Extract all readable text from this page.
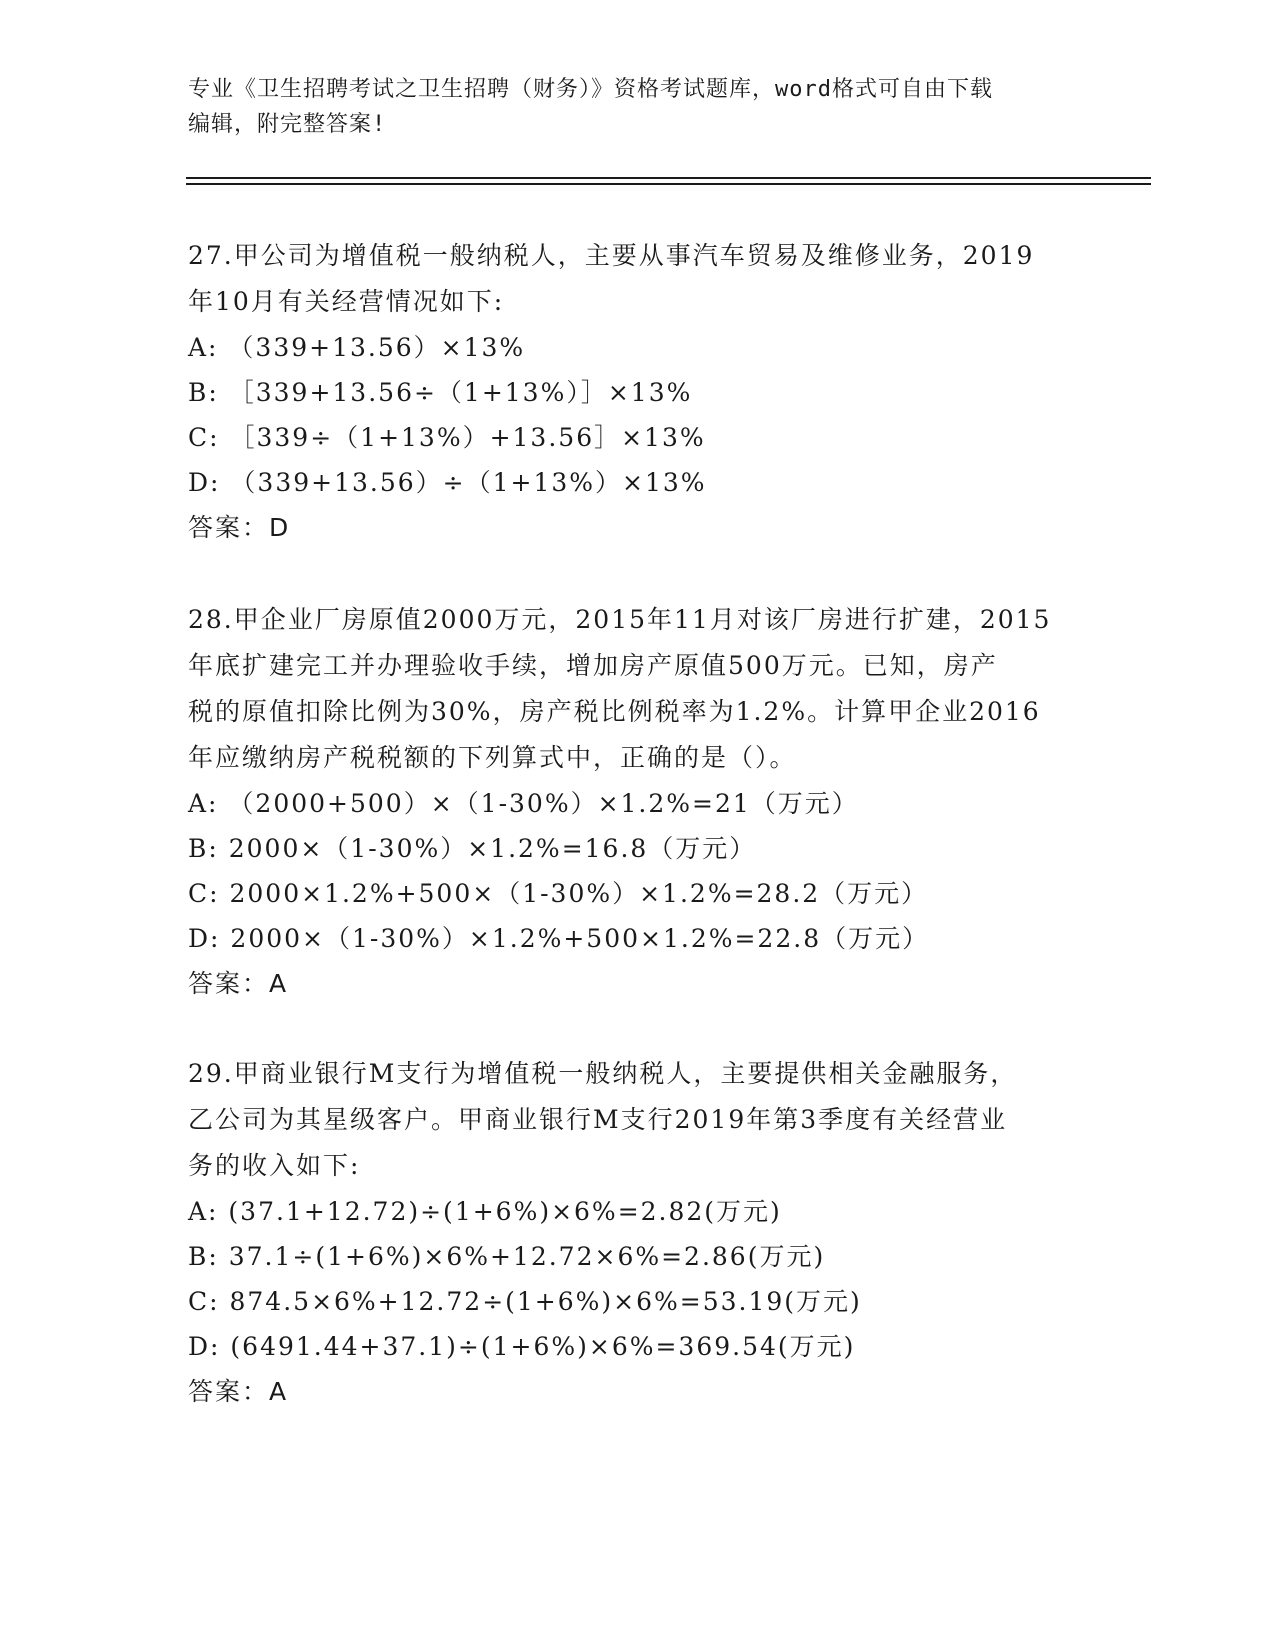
专业《卫生招聘考试之卫生招聘（财务）》资格考试题库，word格式可自由下载
编辑，附完整答案!

27.甲公司为增值税一般纳税人，主要从事汽车贸易及维修业务，2019

年10月有关经营情况如下:

A: （339+13.56）×13%

B: ［339+13.56÷（1+13%）］×13%

C: ［339÷（1+13%）+13.56］×13%

D: （339+13.56）÷（1+13%）×13%

答案：D

28.甲企业厂房原值2000万元，2015年11月对该厂房进行扩建，2015

年底扩建完工并办理验收手续，增加房产原值500万元。已知，房产

税的原值扣除比例为30%，房产税比例税率为1.2%。计算甲企业2016

年应缴纳房产税税额的下列算式中，正确的是（）。

A: （2000+500）×（1-30%）×1.2%=21（万元）

B: 2000×（1-30%）×1.2%=16.8（万元）

C: 2000×1.2%+500×（1-30%）×1.2%=28.2（万元）

D: 2000×（1-30%）×1.2%+500×1.2%=22.8（万元）

答案：A

29.甲商业银行M支行为增值税一般纳税人，主要提供相关金融服务，

乙公司为其星级客户。甲商业银行M支行2019年第3季度有关经营业

务的收入如下:

A: (37.1+12.72)÷(1+6%)×6%=2.82(万元)

B: 37.1÷(1+6%)×6%+12.72×6%=2.86(万元)

C: 874.5×6%+12.72÷(1+6%)×6%=53.19(万元)

D: (6491.44+37.1)÷(1+6%)×6%=369.54(万元)

答案：A
